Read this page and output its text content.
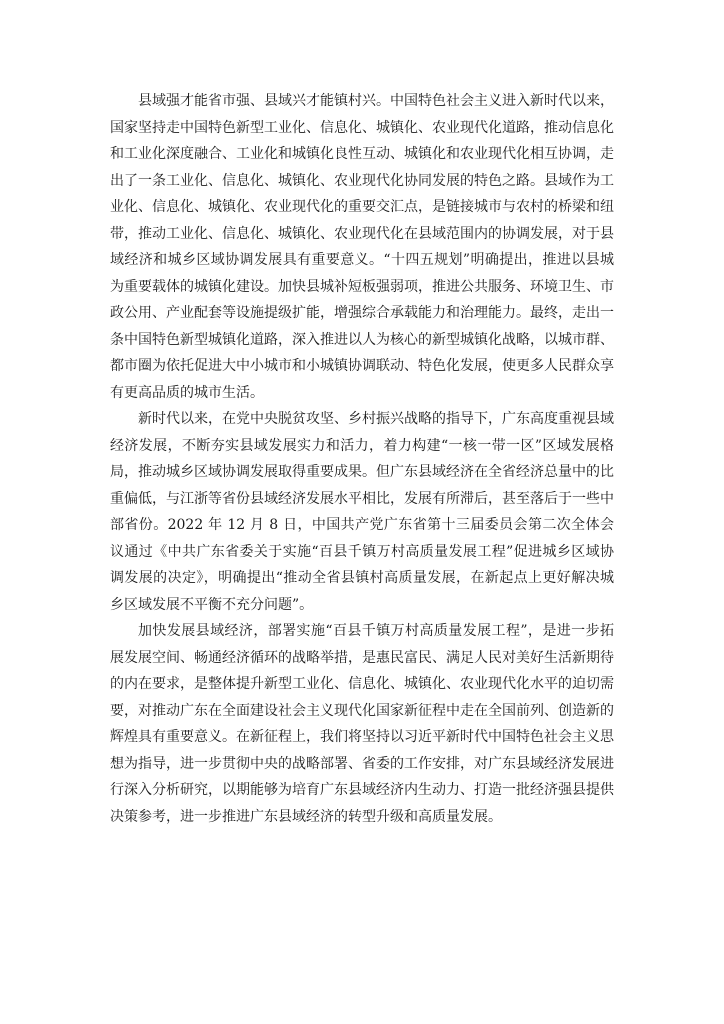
县域强才能省市强、县域兴才能镇村兴。中国特色社会主义进入新时代以来，国家坚持走中国特色新型工业化、信息化、城镇化、农业现代化道路，推动信息化和工业化深度融合、工业化和城镇化良性互动、城镇化和农业现代化相互协调，走出了一条工业化、信息化、城镇化、农业现代化协同发展的特色之路。县域作为工业化、信息化、城镇化、农业现代化的重要交汇点，是链接城市与农村的桥梁和纽带，推动工业化、信息化、城镇化、农业现代化在县域范围内的协调发展，对于县域经济和城乡区域协调发展具有重要意义。“十四五规划”明确提出，推进以县城为重要载体的城镇化建设。加快县城补短板强弱项，推进公共服务、环境卫生、市政公用、产业配套等设施提级扩能，增强综合承载能力和治理能力。最终，走出一条中国特色新型城镇化道路，深入推进以人为核心的新型城镇化战略，以城市群、都市圈为依托促进大中小城市和小城镇协调联动、特色化发展，使更多人民群众享有更高品质的城市生活。

新时代以来，在党中央脱贫攻坚、乡村振兴战略的指导下，广东高度重视县域经济发展，不断夯实县域发展实力和活力，着力构建“一核一带一区”区域发展格局，推动城乡区域协调发展取得重要成果。但广东县域经济在全省经济总量中的比重偏低，与江浙等省份县域经济发展水平相比，发展有所滞后，甚至落后于一些中部省份。2022 年 12 月 8 日，中国共产党广东省第十三届委员会第二次全体会议通过《中共广东省委关于实施“百县千镇万村高质量发展工程”促进城乡区域协调发展的决定》，明确提出“推动全省县镇村高质量发展，在新起点上更好解决城乡区域发展不平衡不充分问题”。

加快发展县域经济，部署实施“百县千镇万村高质量发展工程”，是进一步拓展发展空间、畅通经济循环的战略举措，是惠民富民、满足人民对美好生活新期待的内在要求，是整体提升新型工业化、信息化、城镇化、农业现代化水平的迫切需要，对推动广东在全面建设社会主义现代化国家新征程中走在全国前列、创造新的辉煌具有重要意义。在新征程上，我们将坚持以习近平新时代中国特色社会主义思想为指导，进一步贯彻中央的战略部署、省委的工作安排，对广东县域经济发展进行深入分析研究，以期能够为培育广东县域经济内生动力、打造一批经济强县提供决策参考，进一步推进广东县域经济的转型升级和高质量发展。
